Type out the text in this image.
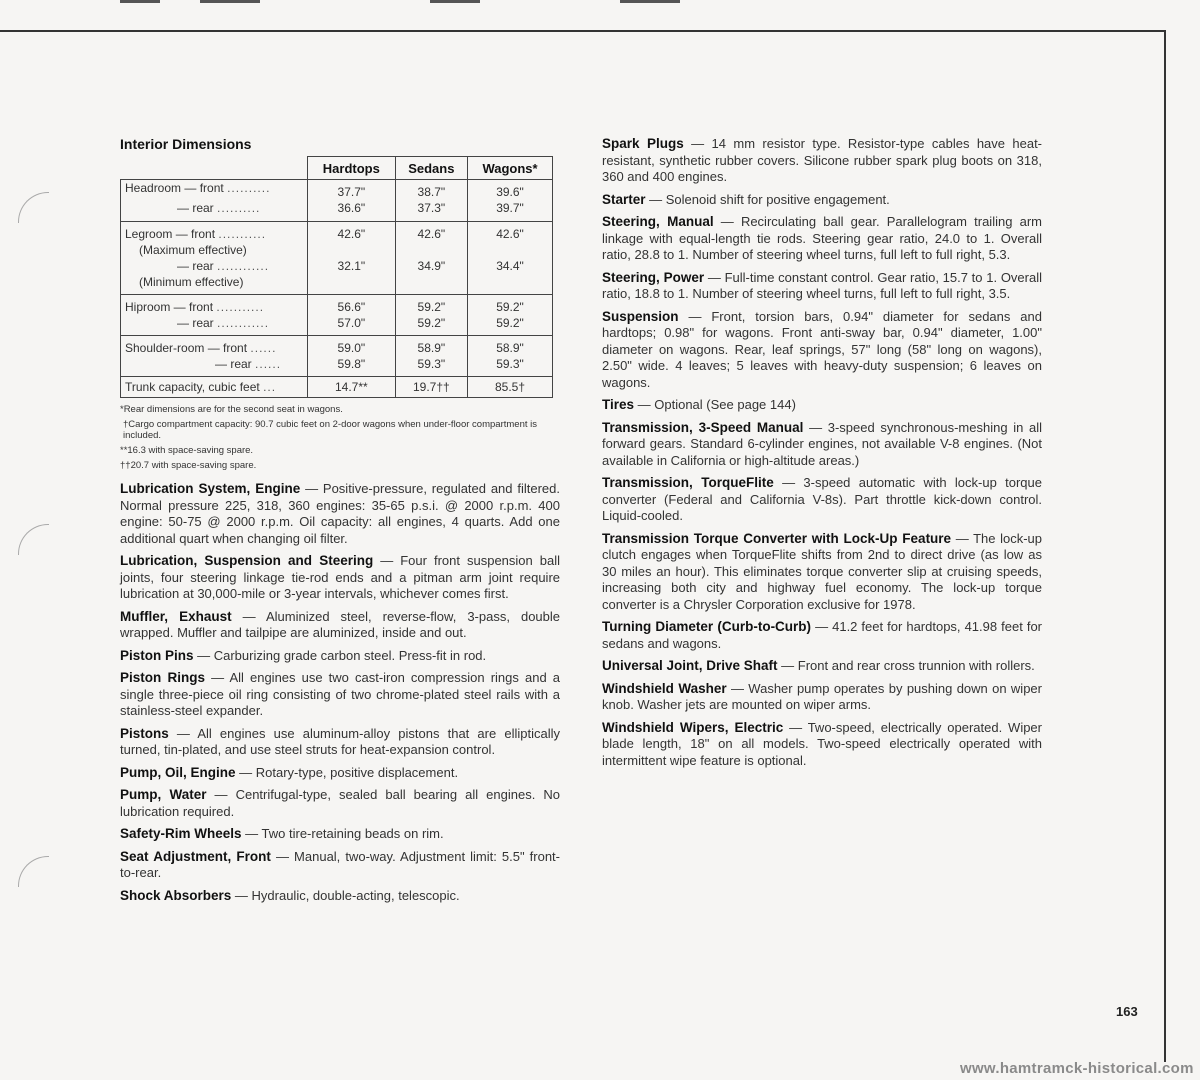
Interior Dimensions
	Hardtops	Sedans	Wagons*
Headroom — front ..........	37.7"	38.7"	39.6"
— rear ..........	36.6"	37.3"	39.7"
Legroom — front ...........	42.6"	42.6"	42.6"
(Maximum effective)			
— rear ............	32.1"	34.9"	34.4"
(Minimum effective)			
Hiproom — front ...........	56.6"	59.2"	59.2"
— rear ............	57.0"	59.2"	59.2"
Shoulder-room — front ......	59.0"	58.9"	58.9"
— rear ......	59.8"	59.3"	59.3"
Trunk capacity, cubic feet ...	14.7**	19.7††	85.5†
*Rear dimensions are for the second seat in wagons.
†Cargo compartment capacity: 90.7 cubic feet on 2-door wagons when under-floor compartment is included.
**16.3 with space-saving spare.
††20.7 with space-saving spare.

Lubrication System, Engine — Positive-pressure, regulated and filtered. Normal pressure 225, 318, 360 engines: 35-65 p.s.i. @ 2000 r.p.m. 400 engine: 50-75 @ 2000 r.p.m. Oil capacity: all engines, 4 quarts. Add one additional quart when changing oil filter.

Lubrication, Suspension and Steering — Four front suspension ball joints, four steering linkage tie-rod ends and a pitman arm joint require lubrication at 30,000-mile or 3-year intervals, whichever comes first.

Muffler, Exhaust — Aluminized steel, reverse-flow, 3-pass, double wrapped. Muffler and tailpipe are aluminized, inside and out.

Piston Pins — Carburizing grade carbon steel. Press-fit in rod.

Piston Rings — All engines use two cast-iron compression rings and a single three-piece oil ring consisting of two chrome-plated steel rails with a stainless-steel expander.

Pistons — All engines use aluminum-alloy pistons that are elliptically turned, tin-plated, and use steel struts for heat-expansion control.

Pump, Oil, Engine — Rotary-type, positive displacement.

Pump, Water — Centrifugal-type, sealed ball bearing all engines. No lubrication required.

Safety-Rim Wheels — Two tire-retaining beads on rim.

Seat Adjustment, Front — Manual, two-way. Adjustment limit: 5.5" front-to-rear.

Shock Absorbers — Hydraulic, double-acting, telescopic.

Spark Plugs — 14 mm resistor type. Resistor-type cables have heat-resistant, synthetic rubber covers. Silicone rubber spark plug boots on 318, 360 and 400 engines.

Starter — Solenoid shift for positive engagement.

Steering, Manual — Recirculating ball gear. Parallelogram trailing arm linkage with equal-length tie rods. Steering gear ratio, 24.0 to 1. Overall ratio, 28.8 to 1. Number of steering wheel turns, full left to full right, 5.3.

Steering, Power — Full-time constant control. Gear ratio, 15.7 to 1. Overall ratio, 18.8 to 1. Number of steering wheel turns, full left to full right, 3.5.

Suspension — Front, torsion bars, 0.94" diameter for sedans and hardtops; 0.98" for wagons. Front anti-sway bar, 0.94" diameter, 1.00" diameter on wagons. Rear, leaf springs, 57" long (58" long on wagons), 2.50" wide. 4 leaves; 5 leaves with heavy-duty suspension; 6 leaves on wagons.

Tires — Optional (See page 144)

Transmission, 3-Speed Manual — 3-speed synchronous-meshing in all forward gears. Standard 6-cylinder engines, not available V-8 engines. (Not available in California or high-altitude areas.)

Transmission, TorqueFlite — 3-speed automatic with lock-up torque converter (Federal and California V-8s). Part throttle kick-down control. Liquid-cooled.

Transmission Torque Converter with Lock-Up Feature — The lock-up clutch engages when TorqueFlite shifts from 2nd to direct drive (as low as 30 miles an hour). This eliminates torque converter slip at cruising speeds, increasing both city and highway fuel economy. The lock-up torque converter is a Chrysler Corporation exclusive for 1978.

Turning Diameter (Curb-to-Curb) — 41.2 feet for hardtops, 41.98 feet for sedans and wagons.

Universal Joint, Drive Shaft — Front and rear cross trunnion with rollers.

Windshield Washer — Washer pump operates by pushing down on wiper knob. Washer jets are mounted on wiper arms.

Windshield Wipers, Electric — Two-speed, electrically operated. Wiper blade length, 18" on all models. Two-speed electrically operated with intermittent wipe feature is optional.

163
www.hamtramck-historical.com
